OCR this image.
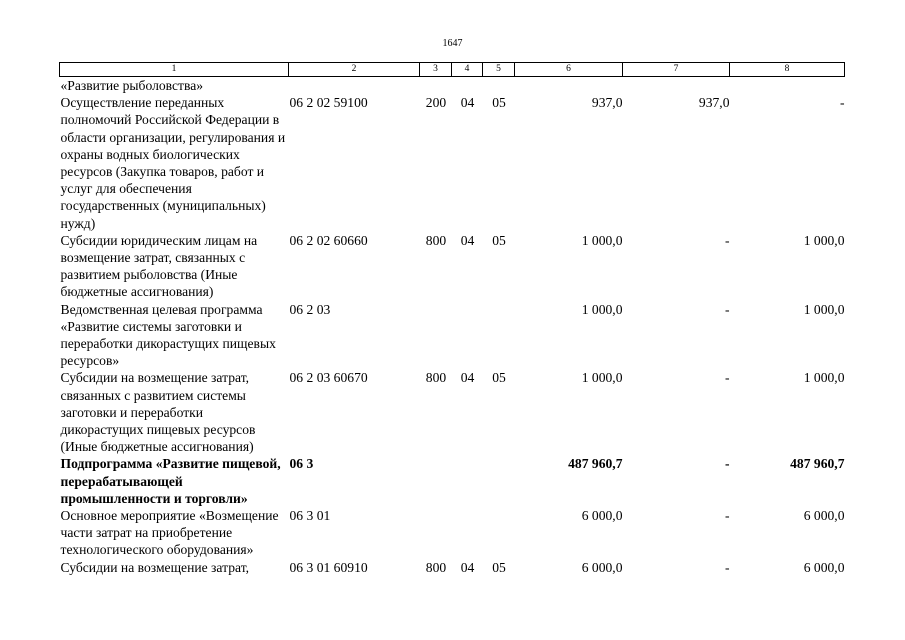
1647
1	2	3	4	5	6	7	8
«Развитие рыболовства»							
Осуществление переданных полномочий Российской Федерации в области организации, регулирования и охраны водных биологических ресурсов (Закупка товаров, работ и услуг для обеспечения государственных (муниципальных) нужд)	06 2 02 59100	200	04	05	937,0	937,0	-
Субсидии юридическим лицам на возмещение затрат, связанных с развитием рыболовства (Иные бюджетные ассигнования)	06 2 02 60660	800	04	05	1 000,0	-	1 000,0
Ведомственная целевая программа «Развитие системы заготовки и переработки дикорастущих пищевых ресурсов»	06 2 03				1 000,0	-	1 000,0
Субсидии на возмещение затрат, связанных с развитием системы заготовки и переработки дикорастущих пищевых ресурсов (Иные бюджетные ассигнования)	06 2 03 60670	800	04	05	1 000,0	-	1 000,0
Подпрограмма «Развитие пищевой, перерабатывающей промышленности и торговли»	06 3				487 960,7	-	487 960,7
Основное мероприятие «Возмещение части затрат на приобретение технологического оборудования»	06 3 01				6 000,0	-	6 000,0
Субсидии на возмещение затрат,	06 3 01 60910	800	04	05	6 000,0	-	6 000,0
